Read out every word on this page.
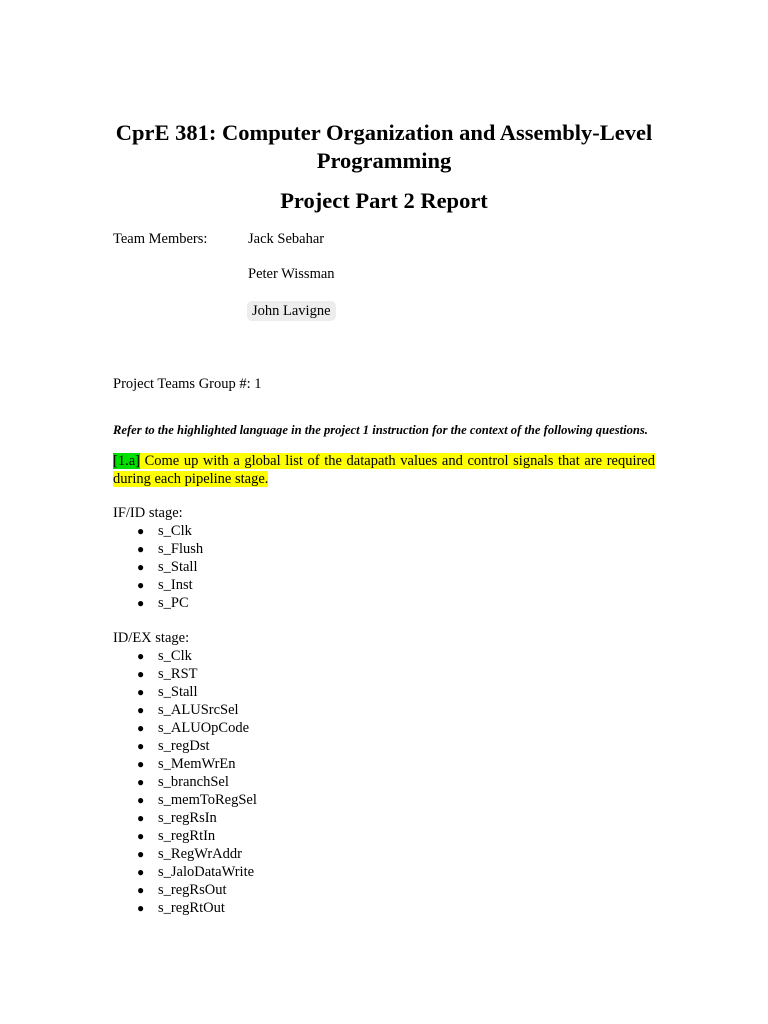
CprE 381: Computer Organization and Assembly-Level Programming
Project Part 2 Report
Team Members:	Jack Sebahar
Peter Wissman
John Lavigne
Project Teams Group #: 1
Refer to the highlighted language in the project 1 instruction for the context of the following questions.
[1.a] Come up with a global list of the datapath values and control signals that are required during each pipeline stage.

IF/ID stage:

● s_Clk
● s_Flush
● s_Stall
● s_Inst
● s_PC

ID/EX stage:

● s_Clk
● s_RST
● s_Stall
● s_ALUSrcSel
● s_ALUOpCode
● s_regDst
● s_MemWrEn
● s_branchSel
● s_memToRegSel
● s_regRsIn
● s_regRtIn
● s_RegWrAddr
● s_JaloDataWrite
● s_regRsOut
● s_regRtOut
